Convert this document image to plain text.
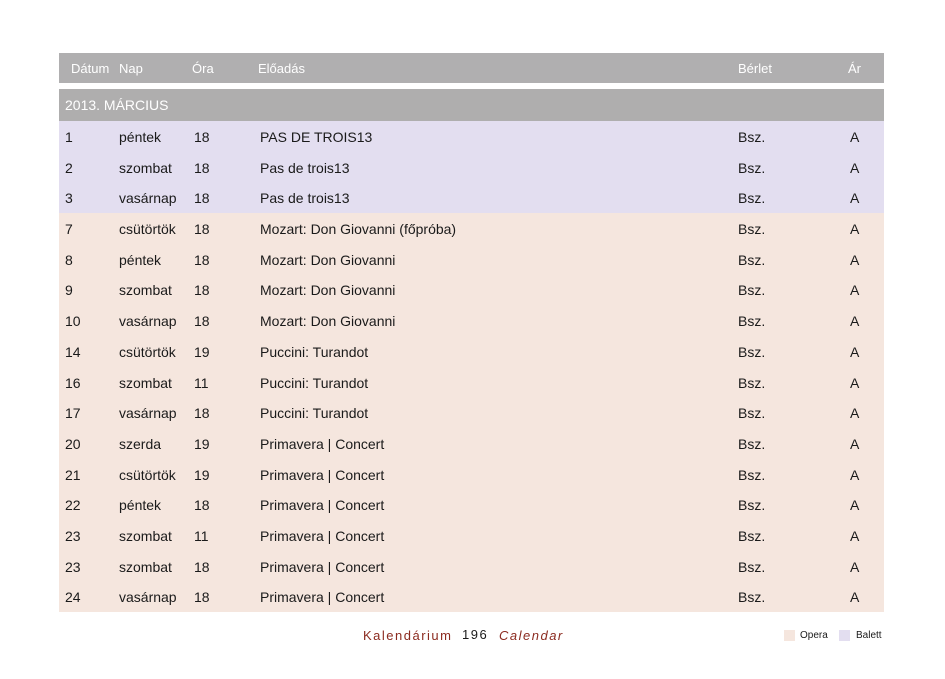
Dátum Nap	Óra	Előadás	Bérlet	Ár
2013. MÁRCIUS
1	péntek 18	PAS DE TROIS13	Bsz.	A
2	szombat 18	Pas de trois13	Bsz.	A
3	vasárnap 18	Pas de trois13	Bsz.	A
7	csütörtök 18	Mozart: Don Giovanni (főpróba)	Bsz.	A
8	péntek 18	Mozart: Don Giovanni	Bsz.	A
9	szombat 18	Mozart: Don Giovanni	Bsz.	A
10	vasárnap 18	Mozart: Don Giovanni	Bsz.	A
14	csütörtök 19	Puccini: Turandot	Bsz.	A
16	szombat 11	Puccini: Turandot	Bsz.	A
17	vasárnap 18	Puccini: Turandot	Bsz.	A
20	szerda 19	Primavera | Concert	Bsz.	A
21	csütörtök 19	Primavera | Concert	Bsz.	A
22	péntek 18	Primavera | Concert	Bsz.	A
23	szombat 11	Primavera | Concert	Bsz.	A
23	szombat 18	Primavera | Concert	Bsz.	A
24	vasárnap 18	Primavera | Concert	Bsz.	A
Kalendárium 196 Calendar	Opera	Balett
